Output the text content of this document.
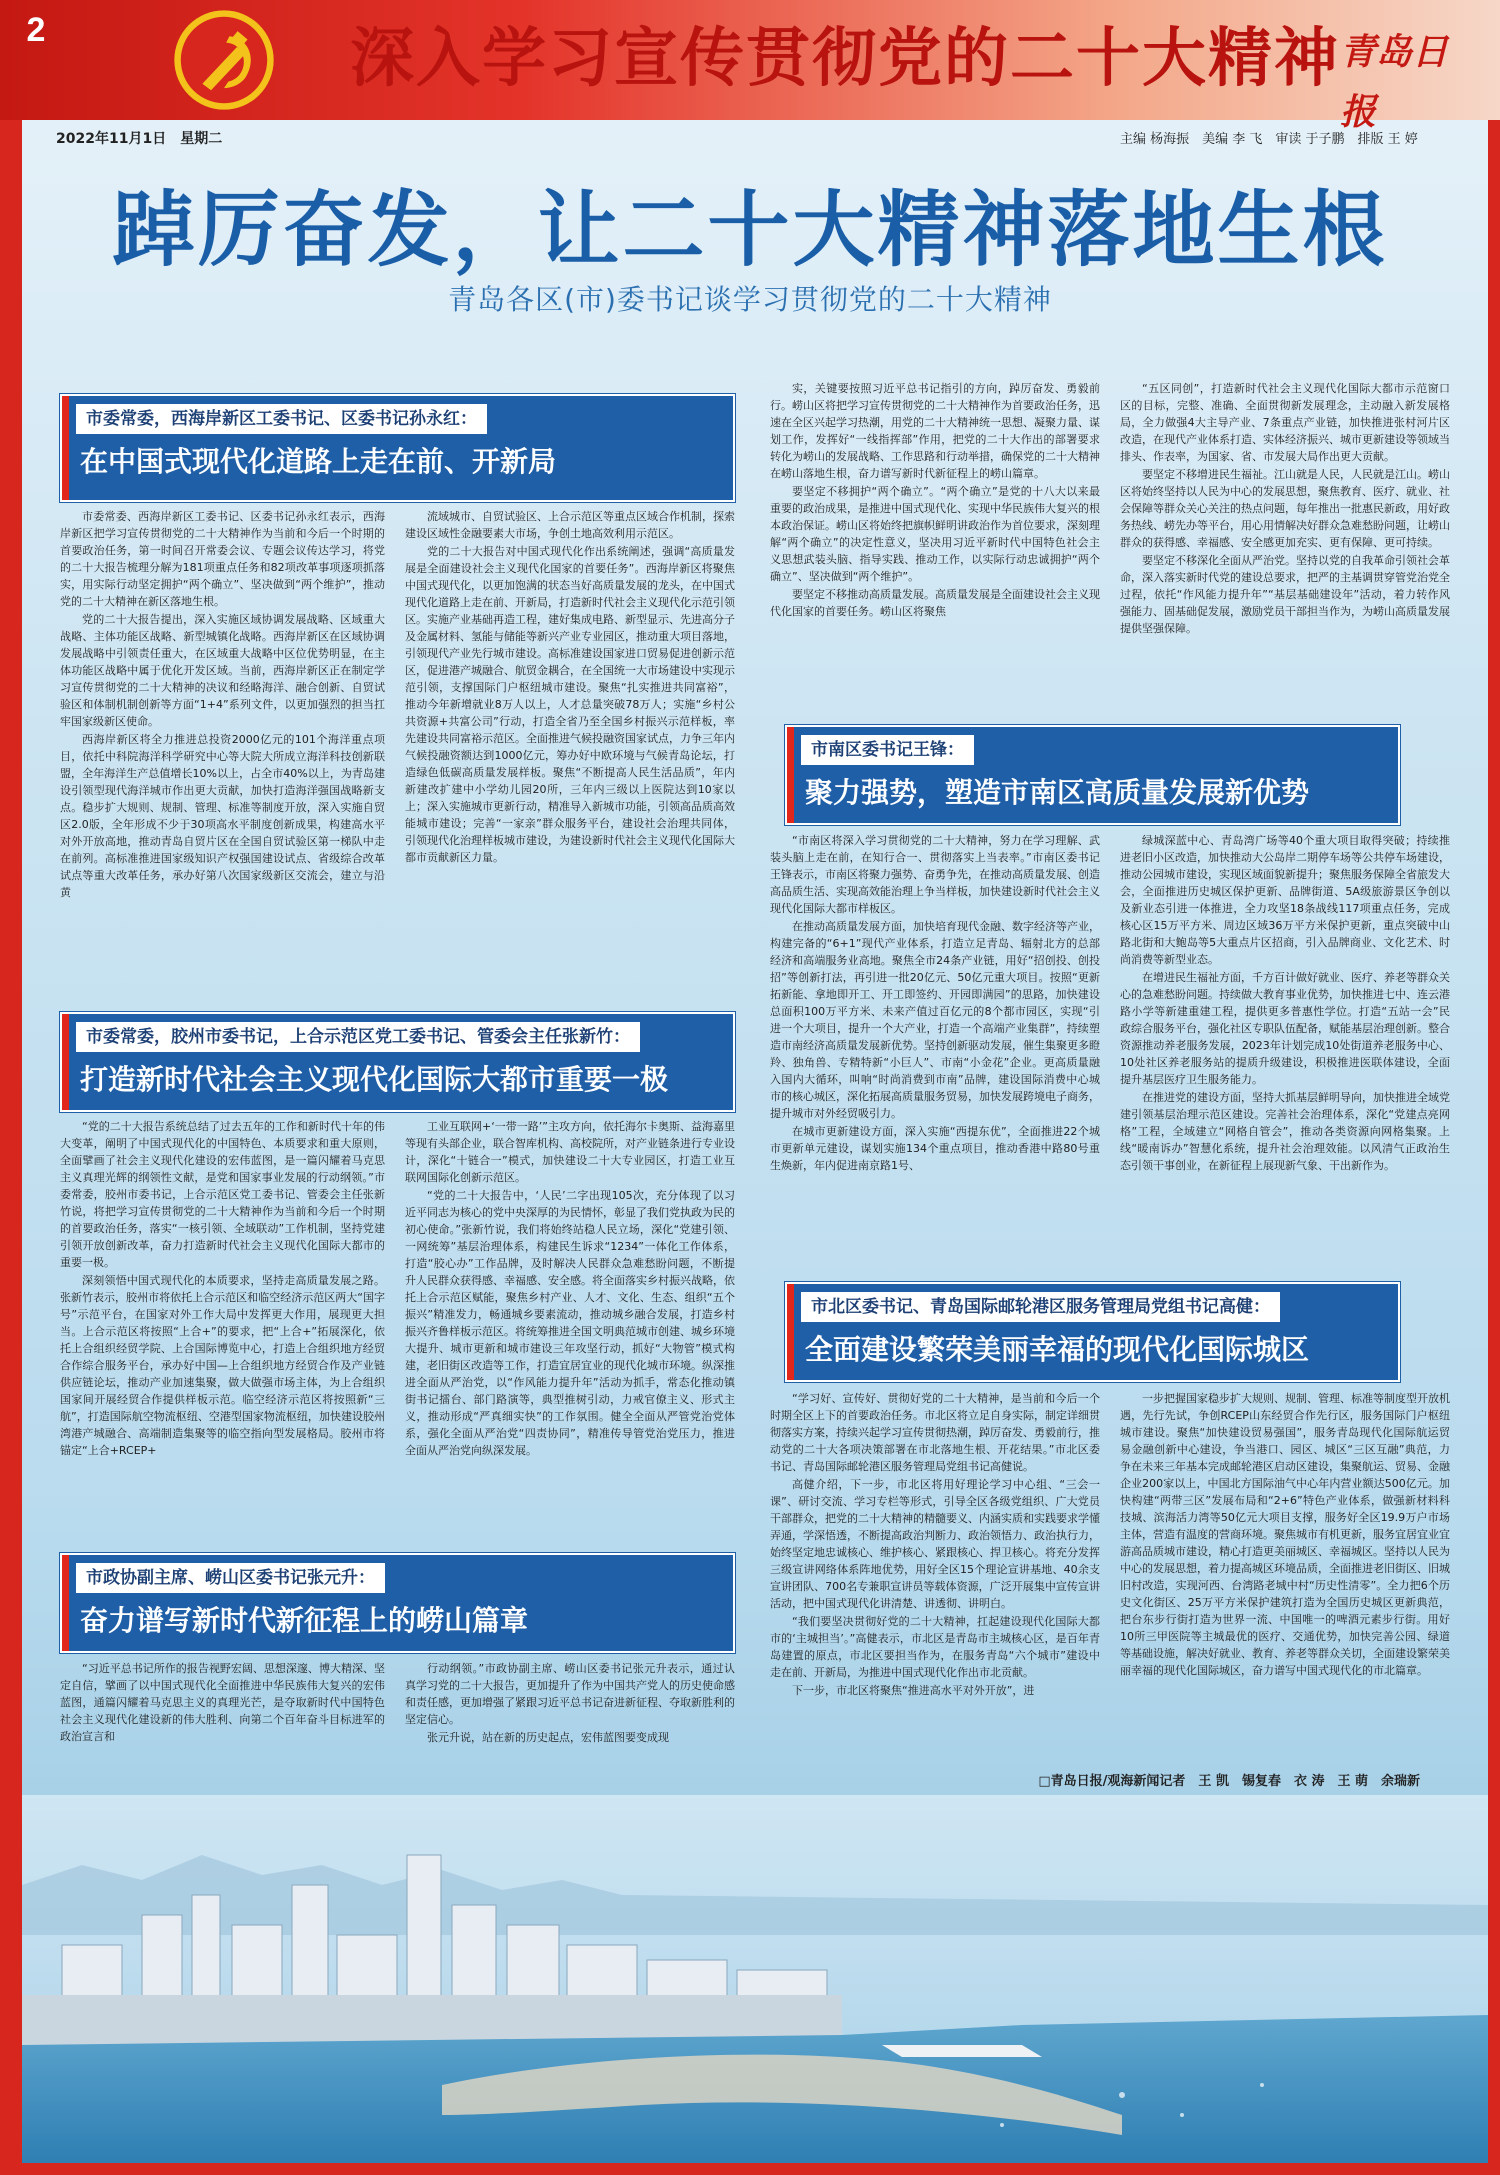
2	深入学习宣传贯彻党的二十大精神 青岛日报
2022年11月1日　星期二	主编 杨海振　美编 李 飞　审读 于子鹏　排版 王 婷
踔厉奋发，让二十大精神落地生根
青岛各区(市)委书记谈学习贯彻党的二十大精神
市委常委，西海岸新区工委书记、区委书记孙永红：
在中国式现代化道路上走在前、开新局

市委常委、西海岸新区工委书记、区委书记孙永红表示，西海岸新区把学习宣传贯彻党的二十大精神作为当前和今后一个时期的首要政治任务，第一时间召开常委会议、专题会议传达学习，将党的二十大报告梳理分解为181项重点任务和82项改革事项逐项抓落实，用实际行动坚定拥护“两个确立”、坚决做到“两个维护”，推动党的二十大精神在新区落地生根。

党的二十大报告提出，深入实施区域协调发展战略、区域重大战略、主体功能区战略、新型城镇化战略。西海岸新区在区域协调发展战略中引领责任重大，在区域重大战略中区位优势明显，在主体功能区战略中属于优化开发区域。当前，西海岸新区正在制定学习宣传贯彻党的二十大精神的决议和经略海洋、融合创新、自贸试验区和体制机制创新等方面“1+4”系列文件，以更加强烈的担当扛牢国家级新区使命。

西海岸新区将全力推进总投资2000亿元的101个海洋重点项目，依托中科院海洋科学研究中心等大院大所成立海洋科技创新联盟，全年海洋生产总值增长10%以上，占全市40%以上，为青岛建设引领型现代海洋城市作出更大贡献，加快打造海洋强国战略新支点。稳步扩大规则、规制、管理、标准等制度开放，深入实施自贸区2.0版，全年形成不少于30项高水平制度创新成果，构建高水平对外开放高地，推动青岛自贸片区在全国自贸试验区第一梯队中走在前列。高标准推进国家级知识产权强国建设试点、省级综合改革试点等重大改革任务，承办好第八次国家级新区交流会，建立与沿黄

流域城市、自贸试验区、上合示范区等重点区域合作机制，探索建设区域性金融要素大市场，争创土地高效利用示范区。

党的二十大报告对中国式现代化作出系统阐述，强调“高质量发展是全面建设社会主义现代化国家的首要任务”。西海岸新区将聚焦中国式现代化，以更加饱满的状态当好高质量发展的龙头，在中国式现代化道路上走在前、开新局，打造新时代社会主义现代化示范引领区。实施产业基础再造工程，建好集成电路、新型显示、先进高分子及金属材料、氢能与储能等新兴产业专业园区，推动重大项目落地，引领现代产业先行城市建设。高标准建设国家进口贸易促进创新示范区，促进港产城融合、航贸金耦合，在全国统一大市场建设中实现示范引领，支撑国际门户枢纽城市建设。聚焦“扎实推进共同富裕”，推动今年新增就业8万人以上，人才总量突破78万人；实施“乡村公共资源+共富公司”行动，打造全省乃至全国乡村振兴示范样板，率先建设共同富裕示范区。全面推进气候投融资国家试点，力争三年内气候投融资额达到1000亿元，筹办好中欧环境与气候青岛论坛，打造绿色低碳高质量发展样板。聚焦“不断提高人民生活品质”，年内新建改扩建中小学幼儿园20所，三年内三级以上医院达到10家以上；深入实施城市更新行动，精准导入新城市功能，引领高品质高效能城市建设；完善“一家亲”群众服务平台，建设社会治理共同体，引领现代化治理样板城市建设，为建设新时代社会主义现代化国际大都市贡献新区力量。

实，关键要按照习近平总书记指引的方向，踔厉奋发、勇毅前行。崂山区将把学习宣传贯彻党的二十大精神作为首要政治任务，迅速在全区兴起学习热潮，用党的二十大精神统一思想、凝聚力量、谋划工作，发挥好“一线指挥部”作用，把党的二十大作出的部署要求转化为崂山的发展战略、工作思路和行动举措，确保党的二十大精神在崂山落地生根，奋力谱写新时代新征程上的崂山篇章。

要坚定不移拥护“两个确立”。“两个确立”是党的十八大以来最重要的政治成果，是推进中国式现代化、实现中华民族伟大复兴的根本政治保证。崂山区将始终把旗帜鲜明讲政治作为首位要求，深刻理解“两个确立”的决定性意义，坚决用习近平新时代中国特色社会主义思想武装头脑、指导实践、推动工作，以实际行动忠诚拥护“两个确立”、坚决做到“两个维护”。

要坚定不移推动高质量发展。高质量发展是全面建设社会主义现代化国家的首要任务。崂山区将聚焦

“五区同创”，打造新时代社会主义现代化国际大都市示范窗口区的目标，完整、准确、全面贯彻新发展理念，主动融入新发展格局，全力做强4大主导产业、7条重点产业链，加快推进张村河片区改造，在现代产业体系打造、实体经济振兴、城市更新建设等领域当排头、作表率，为国家、省、市发展大局作出更大贡献。

要坚定不移增进民生福祉。江山就是人民，人民就是江山。崂山区将始终坚持以人民为中心的发展思想，聚焦教育、医疗、就业、社会保障等群众关心关注的热点问题，每年推出一批惠民新政，用好政务热线、崂先办等平台，用心用情解决好群众急难愁盼问题，让崂山群众的获得感、幸福感、安全感更加充实、更有保障、更可持续。

要坚定不移深化全面从严治党。坚持以党的自我革命引领社会革命，深入落实新时代党的建设总要求，把严的主基调贯穿管党治党全过程，依托“作风能力提升年”“基层基础建设年”活动，着力转作风强能力、固基础促发展，激励党员干部担当作为，为崂山高质量发展提供坚强保障。

市南区委书记王锋：
聚力强势，塑造市南区高质量发展新优势

“市南区将深入学习贯彻党的二十大精神，努力在学习理解、武装头脑上走在前，在知行合一、贯彻落实上当表率。”市南区委书记王锋表示，市南区将聚力强势、奋勇争先，在推动高质量发展、创造高品质生活、实现高效能治理上争当样板，加快建设新时代社会主义现代化国际大都市样板区。

在推动高质量发展方面，加快培育现代金融、数字经济等产业，构建完备的“6+1”现代产业体系，打造立足青岛、辐射北方的总部经济和高端服务业高地。聚焦全市24条产业链，用好“招创投、创投招”等创新打法，再引进一批20亿元、50亿元重大项目。按照“更新拓新能、拿地即开工、开工即签约、开园即满园”的思路，加快建设总面积100万平方米、未来产值过百亿元的8个都市园区，实现“引进一个大项目，提升一个大产业，打造一个高端产业集群”，持续塑造市南经济高质量发展新优势。坚持创新驱动发展，催生集聚更多瞪羚、独角兽、专精特新“小巨人”、市南“小金花”企业。更高质量融入国内大循环，叫响“时尚消费到市南”品牌，建设国际消费中心城市的核心城区，深化拓展高质量服务贸易，加快发展跨境电子商务，提升城市对外经贸吸引力。

在城市更新建设方面，深入实施“西提东优”，全面推进22个城市更新单元建设，谋划实施134个重点项目，推动香港中路80号重生焕新，年内促进南京路1号、

绿城深蓝中心、青岛湾广场等40个重大项目取得突破；持续推进老旧小区改造，加快推动大公岛岸二期停车场等公共停车场建设，推动公园城市建设，实现区域面貌新提升；聚焦服务保障全省旅发大会，全面推进历史城区保护更新、品牌街道、5A级旅游景区争创以及新业态引进一体推进，全力攻坚18条战线117项重点任务，完成核心区15万平方米、周边区域36万平方米保护更新，重点突破中山路北街和大鲍岛等5大重点片区招商，引入品牌商业、文化艺术、时尚消费等新型业态。

在增进民生福祉方面，千方百计做好就业、医疗、养老等群众关心的急难愁盼问题。持续做大教育事业优势，加快推进七中、连云港路小学等新建重建工程，提供更多普惠性学位。打造“五站一会”民政综合服务平台，强化社区专职队伍配备，赋能基层治理创新。整合资源推动养老服务发展，2023年计划完成10处街道养老服务中心、10处社区养老服务站的提质升级建设，积极推进医联体建设，全面提升基层医疗卫生服务能力。

在推进党的建设方面，坚持大抓基层鲜明导向，加快推进全域党建引领基层治理示范区建设。完善社会治理体系，深化“党建点亮网格”工程，全域建立“网格自管会”，推动各类资源向网格集聚。上线“暖南诉办”智慧化系统，提升社会治理效能。以风清气正政治生态引领干事创业，在新征程上展现新气象、干出新作为。

市委常委，胶州市委书记，上合示范区党工委书记、管委会主任张新竹：
打造新时代社会主义现代化国际大都市重要一极

“党的二十大报告系统总结了过去五年的工作和新时代十年的伟大变革，阐明了中国式现代化的中国特色、本质要求和重大原则，全面擘画了社会主义现代化建设的宏伟蓝图，是一篇闪耀着马克思主义真理光辉的纲领性文献，是党和国家事业发展的行动纲领。”市委常委，胶州市委书记，上合示范区党工委书记、管委会主任张新竹说，将把学习宣传贯彻党的二十大精神作为当前和今后一个时期的首要政治任务，落实“一核引领、全域联动”工作机制，坚持党建引领开放创新改革，奋力打造新时代社会主义现代化国际大都市的重要一极。

深刻领悟中国式现代化的本质要求，坚持走高质量发展之路。张新竹表示，胶州市将依托上合示范区和临空经济示范区两大“国字号”示范平台，在国家对外工作大局中发挥更大作用，展现更大担当。上合示范区将按照“上合+”的要求，把“上合+”拓展深化，依托上合组织经贸学院、上合国际博览中心，打造上合组织地方经贸合作综合服务平台，承办好中国—上合组织地方经贸合作及产业链供应链论坛，推动产业加速集聚，做大做强市场主体，为上合组织国家间开展经贸合作提供样板示范。临空经济示范区将按照新“三航”，打造国际航空物流枢纽、空港型国家物流枢纽，加快建设胶州湾港产城融合、高端制造集聚等的临空指向型发展格局。胶州市将锚定“上合+RCEP+

工业互联网+‘一带一路’”主攻方向，依托海尔卡奥斯、益海嘉里等现有头部企业，联合智库机构、高校院所，对产业链条进行专业设计，深化“十链合一”模式，加快建设二十大专业园区，打造工业互联网国际化创新示范区。

“党的二十大报告中，‘人民’二字出现105次，充分体现了以习近平同志为核心的党中央深厚的为民情怀，彰显了我们党执政为民的初心使命。”张新竹说，我们将始终站稳人民立场，深化“党建引领、一网统筹”基层治理体系，构建民生诉求“1234”一体化工作体系，打造“胶心办”工作品牌，及时解决人民群众急难愁盼问题，不断提升人民群众获得感、幸福感、安全感。将全面落实乡村振兴战略，依托上合示范区赋能，聚焦乡村产业、人才、文化、生态、组织“五个振兴”精准发力，畅通城乡要素流动，推动城乡融合发展，打造乡村振兴齐鲁样板示范区。将统筹推进全国文明典范城市创建、城乡环境大提升、城市更新和城市建设三年攻坚行动，抓好“大物管”模式构建，老旧街区改造等工作，打造宜居宜业的现代化城市环境。纵深推进全面从严治党，以“作风能力提升年”活动为抓手，常态化推动镇街书记擂台、部门路演等，典型推树引动，力戒官僚主义、形式主义，推动形成“严真细实快”的工作氛围。健全全面从严管党治党体系，强化全面从严治党“四责协同”，精准传导管党治党压力，推进全面从严治党向纵深发展。

市政协副主席、崂山区委书记张元升：
奋力谱写新时代新征程上的崂山篇章

“习近平总书记所作的报告视野宏阔、思想深邃、博大精深、坚定自信，擘画了以中国式现代化全面推进中华民族伟大复兴的宏伟蓝图，通篇闪耀着马克思主义的真理光芒，是夺取新时代中国特色社会主义现代化建设新的伟大胜利、向第二个百年奋斗目标进军的政治宣言和

行动纲领。”市政协副主席、崂山区委书记张元升表示，通过认真学习党的二十大报告，更加提升了作为中国共产党人的历史使命感和责任感，更加增强了紧跟习近平总书记奋进新征程、夺取新胜利的坚定信心。

张元升说，站在新的历史起点，宏伟蓝图要变成现

市北区委书记、青岛国际邮轮港区服务管理局党组书记高健：
全面建设繁荣美丽幸福的现代化国际城区

“学习好、宣传好、贯彻好党的二十大精神，是当前和今后一个时期全区上下的首要政治任务。市北区将立足自身实际，制定详细贯彻落实方案，持续兴起学习宣传贯彻热潮，踔厉奋发、勇毅前行，推动党的二十大各项决策部署在市北落地生根、开花结果。”市北区委书记、青岛国际邮轮港区服务管理局党组书记高健说。

高健介绍，下一步，市北区将用好理论学习中心组、“三会一课”、研讨交流、学习专栏等形式，引导全区各级党组织、广大党员干部群众，把党的二十大精神的精髓要义、内涵实质和实践要求学懂弄通，学深悟透，不断提高政治判断力、政治领悟力、政治执行力，始终坚定地忠诚核心、维护核心、紧跟核心、捍卫核心。将充分发挥三级宣讲网络体系阵地优势，用好全区15个理论宣讲基地、40余支宣讲团队、700名专兼职宣讲员等载体资源，广泛开展集中宣传宣讲活动，把中国式现代化讲清楚、讲透彻、讲明白。

“我们要坚决贯彻好党的二十大精神，扛起建设现代化国际大都市的‘主城担当’。”高健表示，市北区是青岛市主城核心区，是百年青岛建置的原点，市北区要担当作为，在服务青岛“六个城市”建设中走在前、开新局，为推进中国式现代化作出市北贡献。

下一步，市北区将聚焦“推进高水平对外开放”，进

一步把握国家稳步扩大规则、规制、管理、标准等制度型开放机遇，先行先试，争创RCEP山东经贸合作先行区，服务国际门户枢纽城市建设。聚焦“加快建设贸易强国”，服务青岛现代化国际航运贸易金融创新中心建设，争当港口、园区、城区“三区互融”典范，力争在未来三年基本完成邮轮港区启动区建设，集聚航运、贸易、金融企业200家以上，中国北方国际油气中心年内营业额达500亿元。加快构建“两带三区”发展布局和“2+6”特色产业体系，做强新材料科技城、滨海活力湾等50亿元大项目支撑，服务好全区19.9万户市场主体，营造有温度的营商环境。聚焦城市有机更新，服务宜居宜业宜游高品质城市建设，精心打造更美丽城区、幸福城区。坚持以人民为中心的发展思想，着力提高城区环境品质，全面推进老旧街区、旧城旧村改造，实现河西、台湾路老城中村“历史性清零”。全力把6个历史文化街区、25万平方米保护建筑打造为全国历史城区更新典范，把台东步行街打造为世界一流、中国唯一的啤酒元素步行街。用好10所三甲医院等主城最优的医疗、交通优势，加快完善公园、绿道等基础设施，解决好就业、教育、养老等群众关切，全面建设繁荣美丽幸福的现代化国际城区，奋力谱写中国式现代化的市北篇章。

□青岛日报/观海新闻记者　王 凯　锡复春　衣 涛　王 萌　余瑞新
